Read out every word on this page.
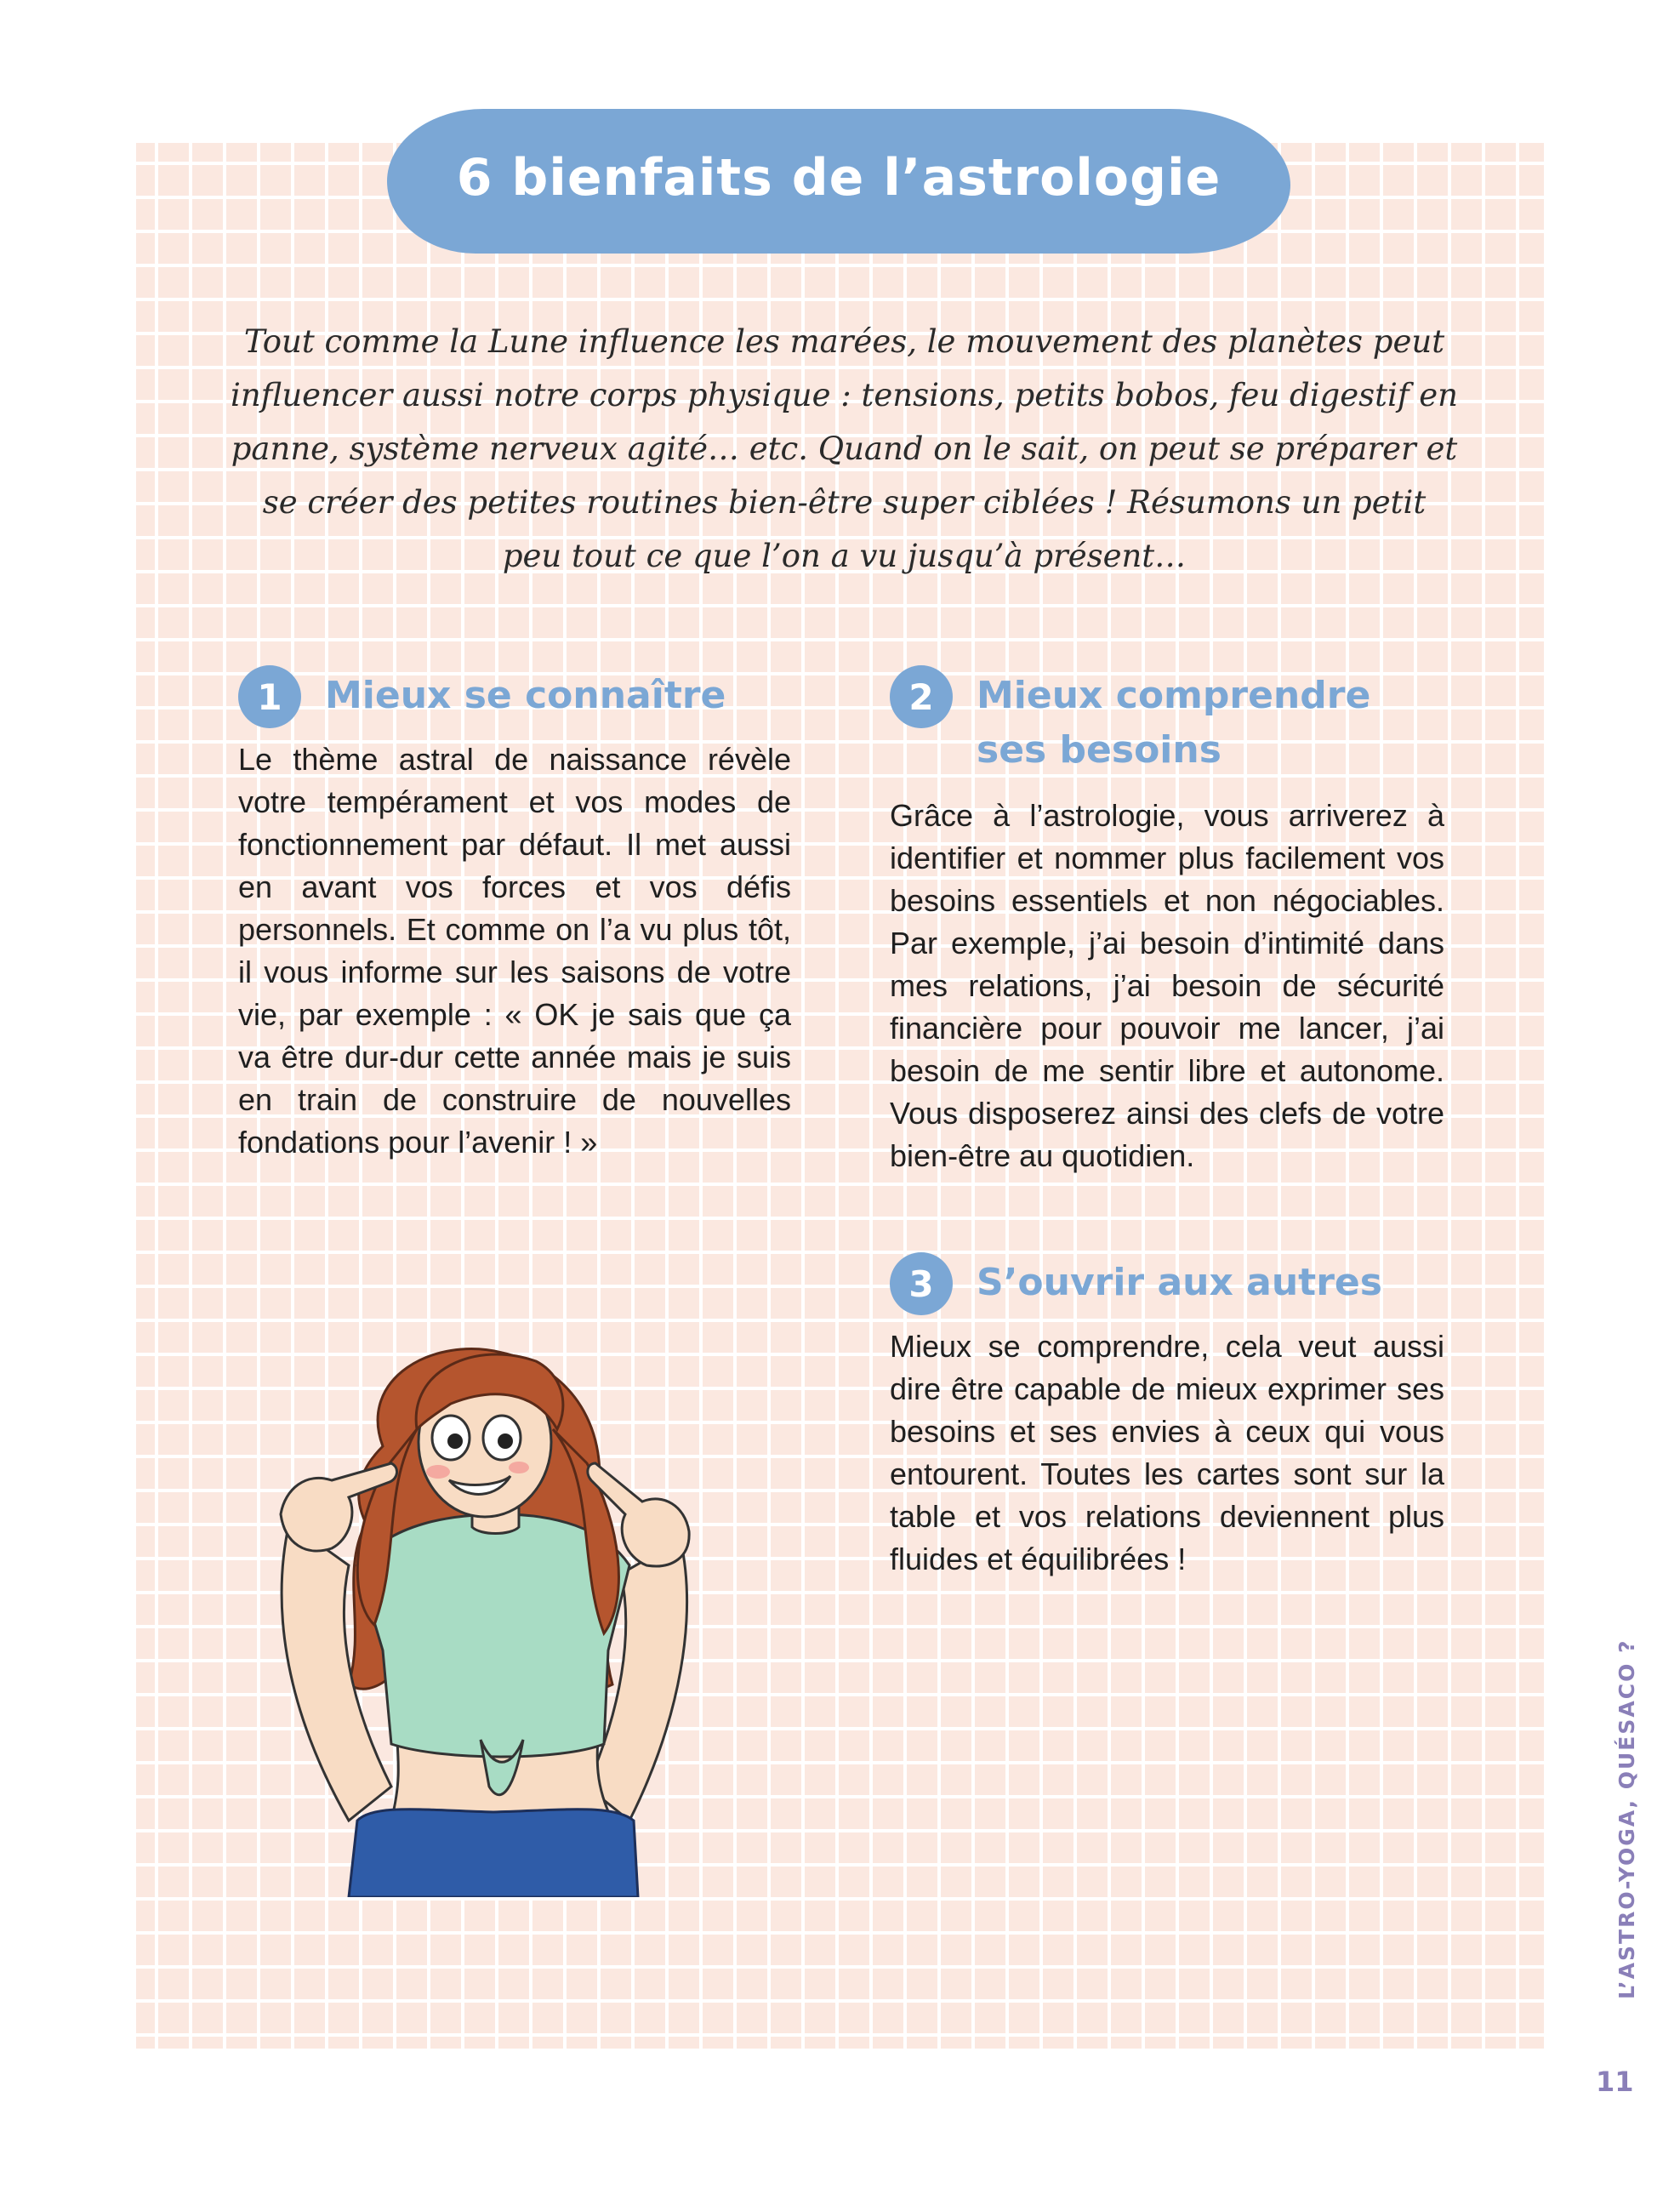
6 bienfaits de l’astrologie
Tout comme la Lune influence les marées, le mouvement des planètes peut influencer aussi notre corps physique : tensions, petits bobos, feu digestif en panne, système nerveux agité… etc. Quand on le sait, on peut se préparer et se créer des petites routines bien-être super ciblées ! Résumons un petit peu tout ce que l’on a vu jusqu’à présent…
1	Mieux se connaître
Le thème astral de naissance révèle votre tempérament et vos modes de fonctionnement par défaut. Il met aussi en avant vos forces et vos défis personnels. Et comme on l’a vu plus tôt, il vous informe sur les saisons de votre vie, par exemple : « OK je sais que ça va être dur-dur cette année mais je suis en train de construire de nouvelles fondations pour l’avenir ! »
2	Mieux comprendre
ses besoins
Grâce à l’astrologie, vous arriverez à identifier et nommer plus facilement vos besoins essentiels et non négociables. Par exemple, j’ai besoin d’intimité dans mes relations, j’ai besoin de sécurité financière pour pouvoir me lancer, j’ai besoin de me sentir libre et autonome. Vous disposerez ainsi des clefs de votre bien-être au quotidien.
3	S’ouvrir aux autres
Mieux se comprendre, cela veut aussi dire être capable de mieux exprimer ses besoins et ses envies à ceux qui vous entourent. Toutes les cartes sont sur la table et vos relations deviennent plus fluides et équilibrées !
L’ASTRO-YOGA, QUÉSACO ?
11
